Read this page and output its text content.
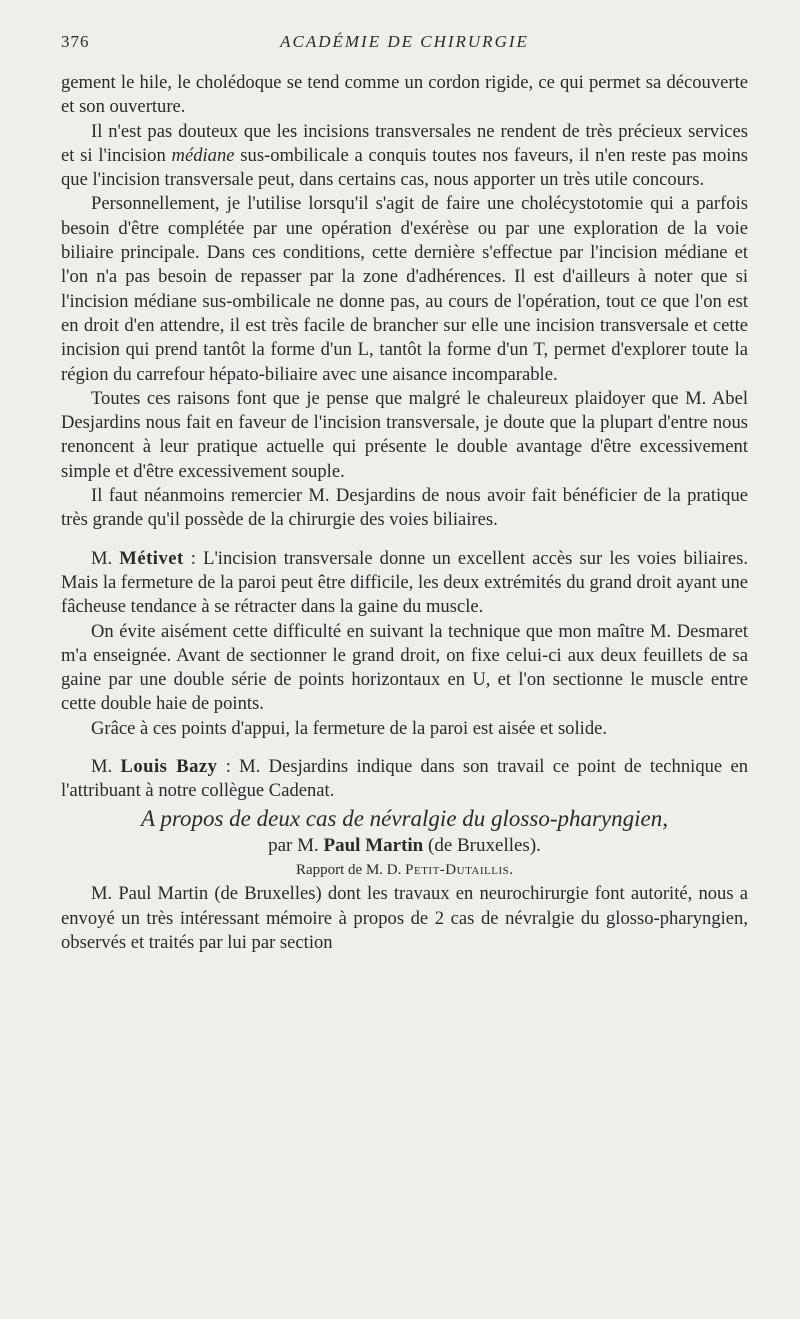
376	ACADÉMIE DE CHIRURGIE

gement le hile, le cholédoque se tend comme un cordon rigide, ce qui permet sa découverte et son ouverture.

Il n'est pas douteux que les incisions transversales ne rendent de très précieux services et si l'incision médiane sus-ombilicale a conquis toutes nos faveurs, il n'en reste pas moins que l'incision transversale peut, dans certains cas, nous apporter un très utile concours.

Personnellement, je l'utilise lorsqu'il s'agit de faire une cholécystotomie qui a parfois besoin d'être complétée par une opération d'exérèse ou par une exploration de la voie biliaire principale. Dans ces conditions, cette dernière s'effectue par l'incision médiane et l'on n'a pas besoin de repasser par la zone d'adhérences. Il est d'ailleurs à noter que si l'incision médiane sus-ombilicale ne donne pas, au cours de l'opération, tout ce que l'on est en droit d'en attendre, il est très facile de brancher sur elle une incision transversale et cette incision qui prend tantôt la forme d'un L, tantôt la forme d'un T, permet d'explorer toute la région du carrefour hépato-biliaire avec une aisance incomparable.

Toutes ces raisons font que je pense que malgré le chaleureux plaidoyer que M. Abel Desjardins nous fait en faveur de l'incision transversale, je doute que la plupart d'entre nous renoncent à leur pratique actuelle qui présente le double avantage d'être excessivement simple et d'être excessivement souple.

Il faut néanmoins remercier M. Desjardins de nous avoir fait bénéficier de la pratique très grande qu'il possède de la chirurgie des voies biliaires.

M. Métivet : L'incision transversale donne un excellent accès sur les voies biliaires. Mais la fermeture de la paroi peut être difficile, les deux extrémités du grand droit ayant une fâcheuse tendance à se rétracter dans la gaine du muscle.

On évite aisément cette difficulté en suivant la technique que mon maître M. Desmaret m'a enseignée. Avant de sectionner le grand droit, on fixe celui-ci aux deux feuillets de sa gaine par une double série de points horizontaux en U, et l'on sectionne le muscle entre cette double haie de points.

Grâce à ces points d'appui, la fermeture de la paroi est aisée et solide.

M. Louis Bazy : M. Desjardins indique dans son travail ce point de technique en l'attribuant à notre collègue Cadenat.

A propos de deux cas de névralgie du glosso-pharyngien,

par M. Paul Martin (de Bruxelles).

Rapport de M. D. Petit-Dutaillis.

M. Paul Martin (de Bruxelles) dont les travaux en neurochirurgie font autorité, nous a envoyé un très intéressant mémoire à propos de 2 cas de névralgie du glosso-pharyngien, observés et traités par lui par section
